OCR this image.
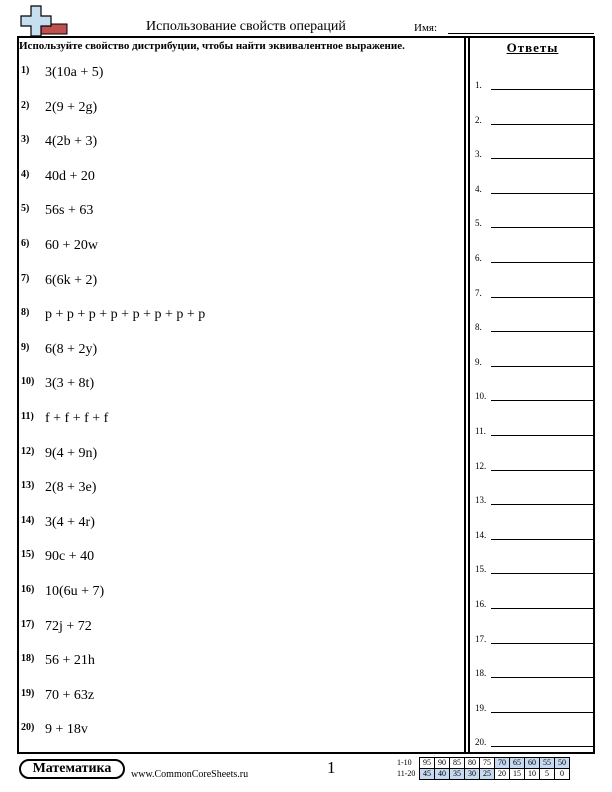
Использование свойств операций	Имя:
Используйте свойство дистрибуции, чтобы найти эквивалентное выражение.	Ответы
1)	3(10a + 5)
2)	2(9 + 2g)
3)	4(2b + 3)
4)	40d + 20
5)	56s + 63
6)	60 + 20w
7)	6(6k + 2)
8)	p + p + p + p + p + p + p + p
9)	6(8 + 2y)
10) 3(3 + 8t)
11) f + f + f + f
12) 9(4 + 9n)
13) 2(8 + 3e)
14) 3(4 + 4r)
15) 90c + 40
16) 10(6u + 7)
17) 72j + 72
18) 56 + 21h
19) 70 + 63z
20) 9 + 18v
1.
2.
3.
4.
5.
6.
7.
8.
9.
10.
11.
12.
13.
14.
15.
16.
17.
18.
19.
20.
Математика	www.CommonCoreSheets.ru	1	1-10	95	90	85	80	75	70	65	60	55	50
11-20	45	40	35	30	25	20	15	10	5	0
